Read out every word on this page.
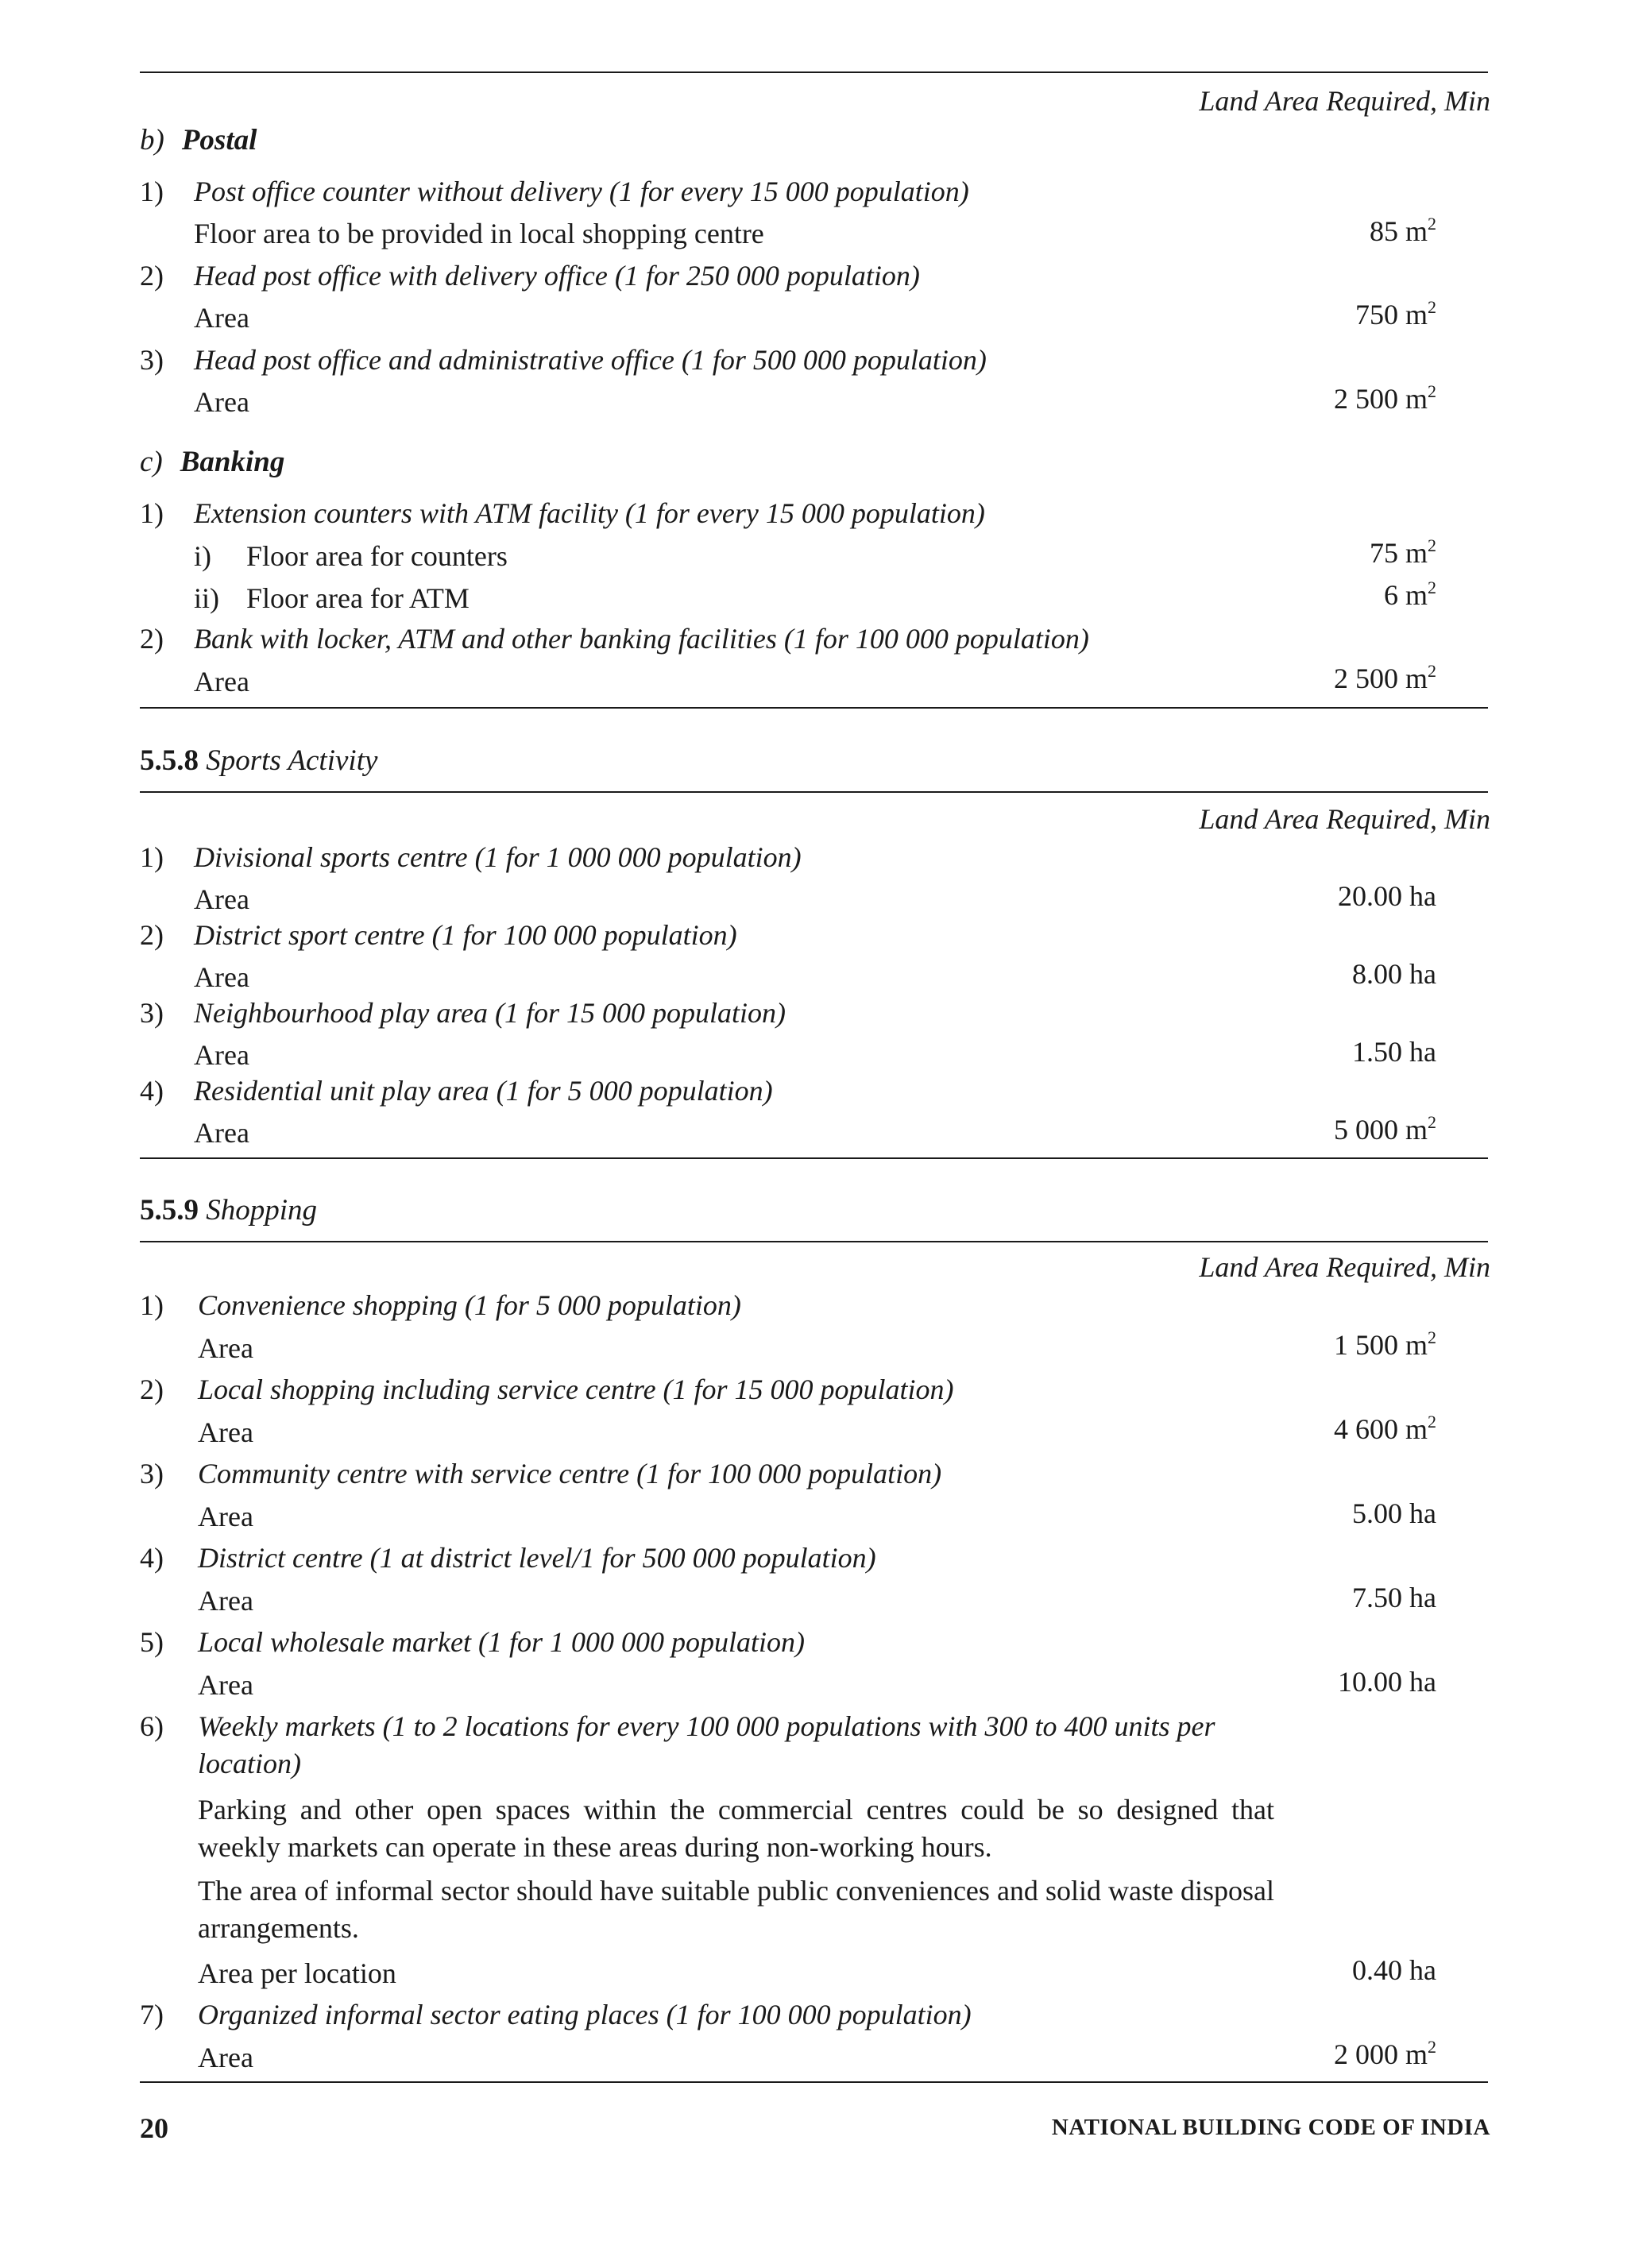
Land Area Required, Min
b) Postal
1) Post office counter without delivery (1 for every 15 000 population)
Floor area to be provided in local shopping centre	85 $m^2$
2) Head post office with delivery office (1 for 250 000 population)
Area	750 $m^2$
3) Head post office and administrative office (1 for 500 000 population)
Area	2 500 $m^2$
c) Banking
1) Extension counters with ATM facility (1 for every 15 000 population)
i) Floor area for counters	75 $m^2$
ii) Floor area for ATM	6 $m^2$
2) Bank with locker, ATM and other banking facilities (1 for 100 000 population)
Area	2 500 $m^2$
5.5.8 Sports Activity
Land Area Required, Min
1) Divisional sports centre (1 for 1 000 000 population)
Area	20.00 ha
2) District sport centre (1 for 100 000 population)
Area	8.00 ha
3) Neighbourhood play area (1 for 15 000 population)
Area	1.50 ha
4) Residential unit play area (1 for 5 000 population)
Area	5 000 $m^2$
5.5.9 Shopping
Land Area Required, Min
1) Convenience shopping (1 for 5 000 population)
Area	1 500 $m^2$
2) Local shopping including service centre (1 for 15 000 population)
Area	4 600 $m^2$
3) Community centre with service centre (1 for 100 000 population)
Area	5.00 ha
4) District centre (1 at district level/1 for 500 000 population)
Area	7.50 ha
5) Local wholesale market (1 for 1 000 000 population)
Area	10.00 ha
6) Weekly markets (1 to 2 locations for every 100 000 populations with 300 to 400 units per location)
Parking and other open spaces within the commercial centres could be so designed that weekly markets can operate in these areas during non-working hours.
The area of informal sector should have suitable public conveniences and solid waste disposal arrangements.
Area per location	0.40 ha
7) Organized informal sector eating places (1 for 100 000 population)
Area	2 000 $m^2$
20	NATIONAL BUILDING CODE OF INDIA
